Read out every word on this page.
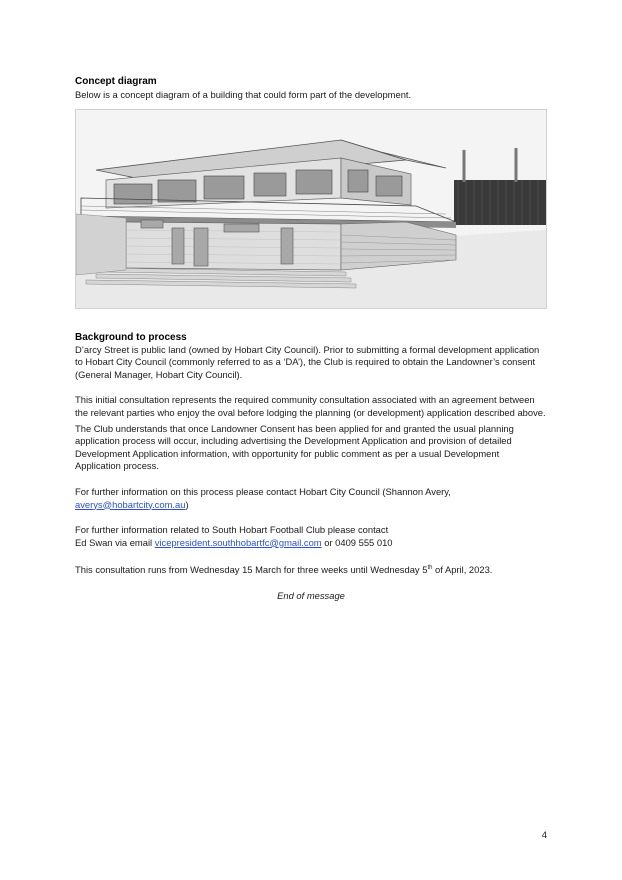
Concept diagram

Below is a concept diagram of a building that could form part of the development.

Background to process

D’arcy Street is public land (owned by Hobart City Council). Prior to submitting a formal development application to Hobart City Council (commonly referred to as a ‘DA’), the Club is required to obtain the Landowner’s consent (General Manager, Hobart City Council).

This initial consultation represents the required community consultation associated with an agreement between the relevant parties who enjoy the oval before lodging the planning (or development) application described above.

The Club understands that once Landowner Consent has been applied for and granted the usual planning application process will occur, including advertising the Development Application and provision of detailed Development Application information, with opportunity for public comment as per a usual Development Application process.

For further information on this process please contact Hobart City Council (Shannon Avery,
averys@hobartcity.com.au)

For further information related to South Hobart Football Club please contact
Ed Swan via email vicepresident.southhobartfc@gmail.com or 0409 555 010

This consultation runs from Wednesday 15 March for three weeks until Wednesday 5th of April, 2023.

End of message

4
